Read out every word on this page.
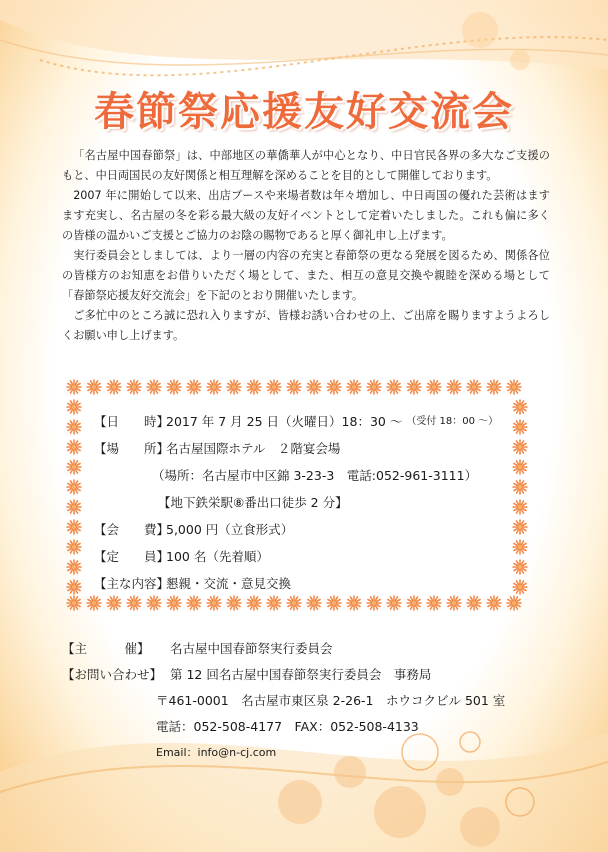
春節祭応援友好交流会

「名古屋中国春節祭」は、中部地区の華僑華人が中心となり、中日官民各界の多大なご支援のもと、中日両国民の友好関係と相互理解を深めることを目的として開催しております。

2007 年に開始して以来、出店ブースや来場者数は年々増加し、中日両国の優れた芸術はますます充実し、名古屋の冬を彩る最大級の友好イベントとして定着いたしました。これも偏に多くの皆様の温かいご支援とご協力のお陰の賜物であると厚く御礼申し上げます。

実行委員会としましては、より一層の内容の充実と春節祭の更なる発展を図るため、関係各位の皆様方のお知恵をお借りいただく場として、また、相互の意見交換や親睦を深める場として「春節祭応援友好交流会」を下記のとおり開催いたします。

ご多忙中のところ誠に恐れ入りますが、皆様お誘い合わせの上、ご出席を賜りますようよろしくお願い申し上げます。

【日　　時】
2017 年 7 月 25 日（火曜日）18：30 ～ （受付 18：00 ～）
【場　　所】
名古屋国際ホテル　２階宴会場
（場所：名古屋市中区錦 3-23-3　電話:052-961-3111）
【地下鉄栄駅⑧番出口徒歩 2 分】
【会　　費】
5,000 円（立食形式）
【定　　員】
100 名（先着順）
【主な内容】
懇親・交流・意見交換
【主　　　催】	名古屋中国春節祭実行委員会
【お問い合わせ】 第 12 回名古屋中国春節祭実行委員会　事務局
〒461-0001　名古屋市東区泉 2-26-1　ホウコクビル 501 室
電話：052-508-4177　FAX：052-508-4133
Email：info@n-cj.com
